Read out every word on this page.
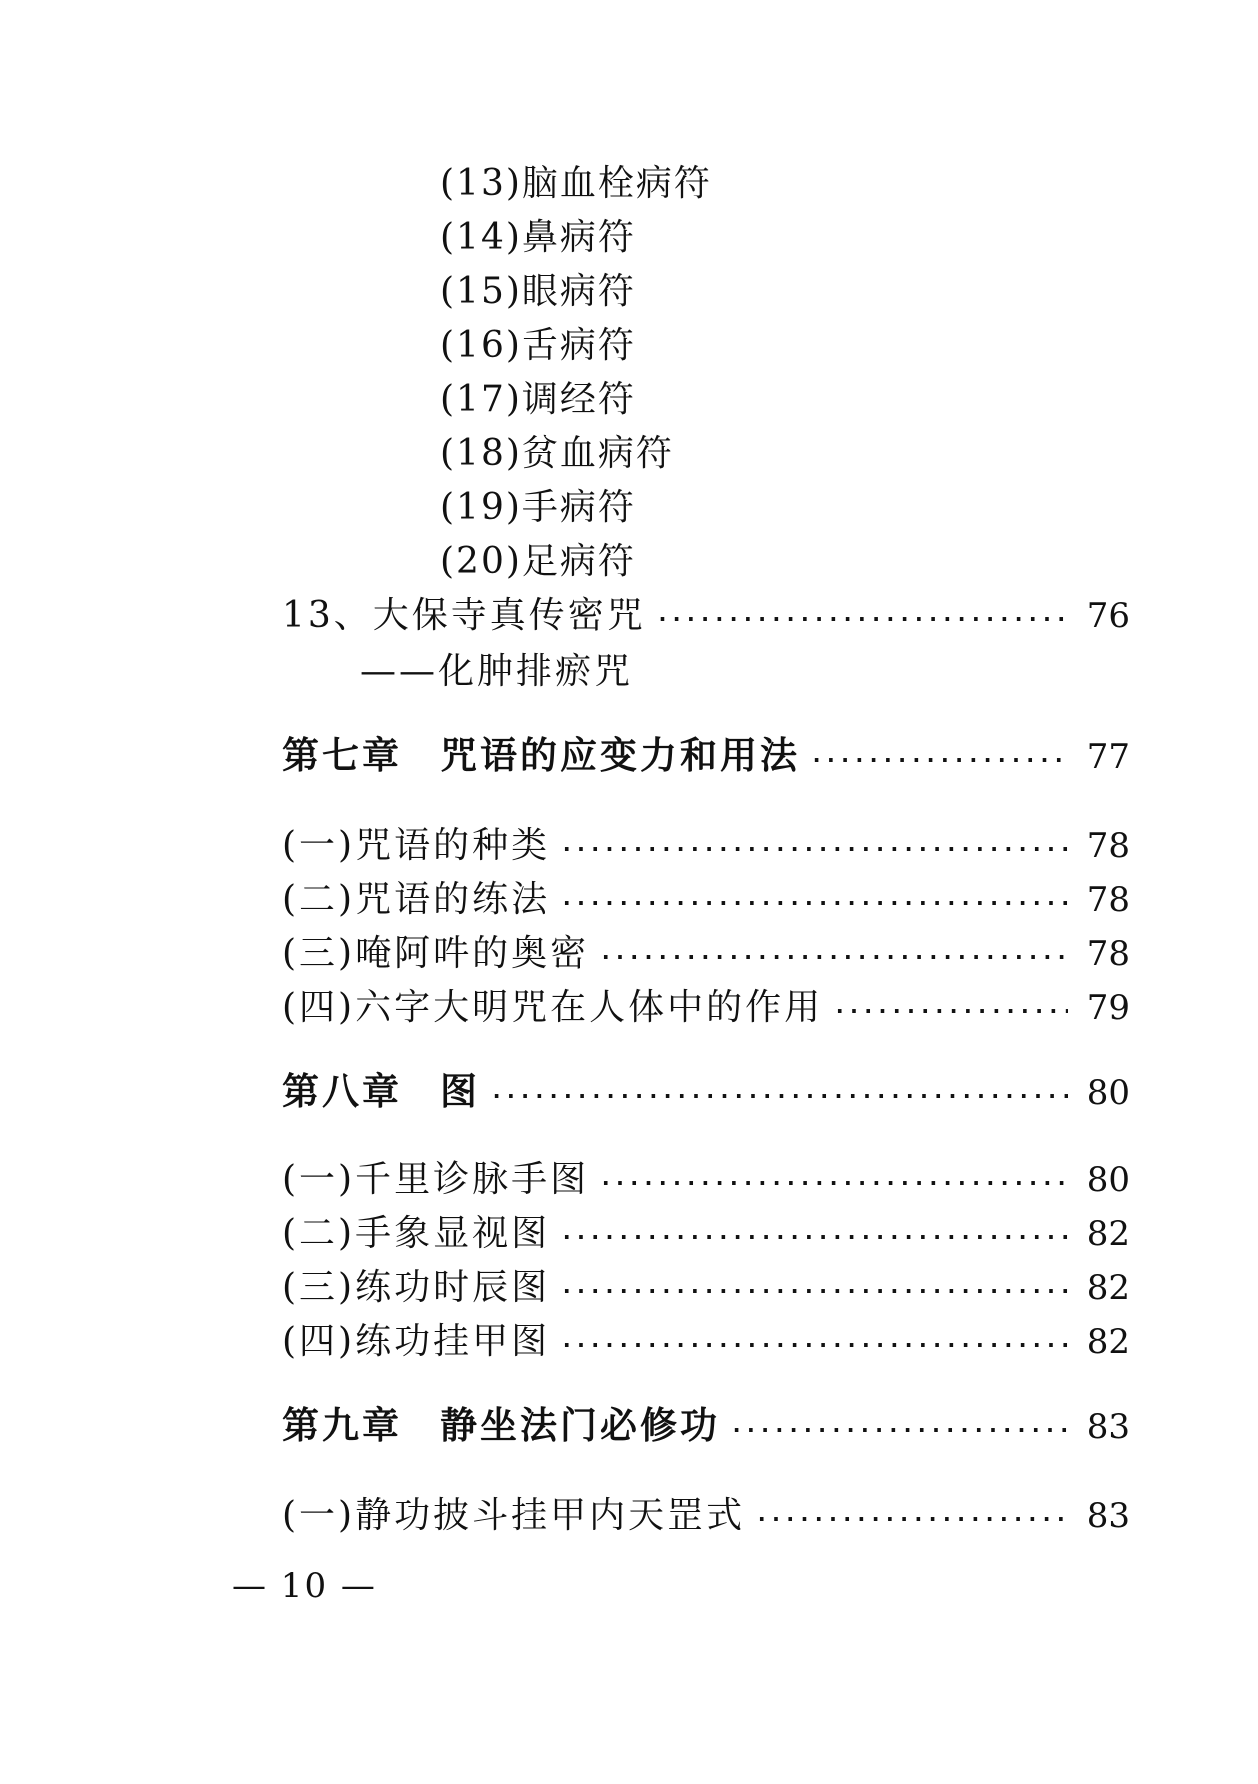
(13)脑血栓病符
(14)鼻病符
(15)眼病符
(16)舌病符
(17)调经符
(18)贫血病符
(19)手病符
(20)足病符
13、大保寺真传密咒 ·····	76
——化肿排瘀咒
第七章 咒语的应变力和用法 ·····	77
(一)咒语的种类 ·····	78
(二)咒语的练法 ·····	78
(三)唵阿吽的奥密 ·····	78
(四)六字大明咒在人体中的作用 ·····	79
第八章 图 ·····	80
(一)千里诊脉手图 ·····	80
(二)手象显视图 ·····	82
(三)练功时辰图 ·····	82
(四)练功挂甲图 ·····	82
第九章 静坐法门必修功 ·····	83
(一)静功披斗挂甲内天罡式 ·····	83
— 10 —
